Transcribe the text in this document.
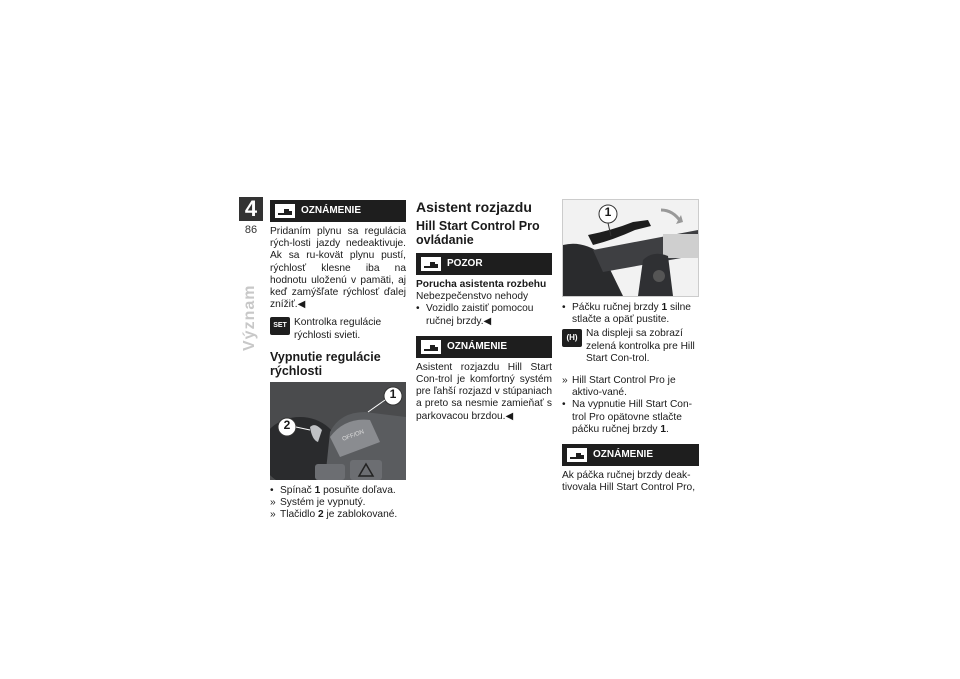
4
86
Význam
OZNÁMENIE

Pridaním plynu sa regulácia rých-losti jazdy nedeaktivuje. Ak sa ru-kovät plynu pustí, rýchlosť klesne iba na hodnotu uloženú v pamäti, aj keď zamýšľate rýchlosť ďalej znížiť.◀

SET Kontrolka regulácie rýchlosti svieti.

Vypnutie regulácie rýchlosti
1
2
OFF/ON
• Spínač 1 posuňte doľava.
» Systém je vypnutý.
» Tlačidlo 2 je zablokované.
Asistent rozjazdu
Hill Start Control Pro ovládanie
POZOR

Porucha asistenta rozbehu

Nebezpečenstvo nehody

• Vozidlo zaistiť pomocou ručnej brzdy.◀
OZNÁMENIE

Asistent rozjazdu Hill Start Con-trol je komfortný systém pre ľahší rozjazd v stúpaniach a preto sa nesmie zamieňať s parkovacou brzdou.◀

1
• Páčku ručnej brzdy 1 silne stlačte a opäť pustite.
(H) Na displeji sa zobrazí zelená kontrolka pre Hill Start Con-trol.

» Hill Start Control Pro je aktivo-vané.
• Na vypnutie Hill Start Con-trol Pro opätovne stlačte páčku ručnej brzdy 1.
OZNÁMENIE

Ak páčka ručnej brzdy deak-tivovala Hill Start Control Pro,
